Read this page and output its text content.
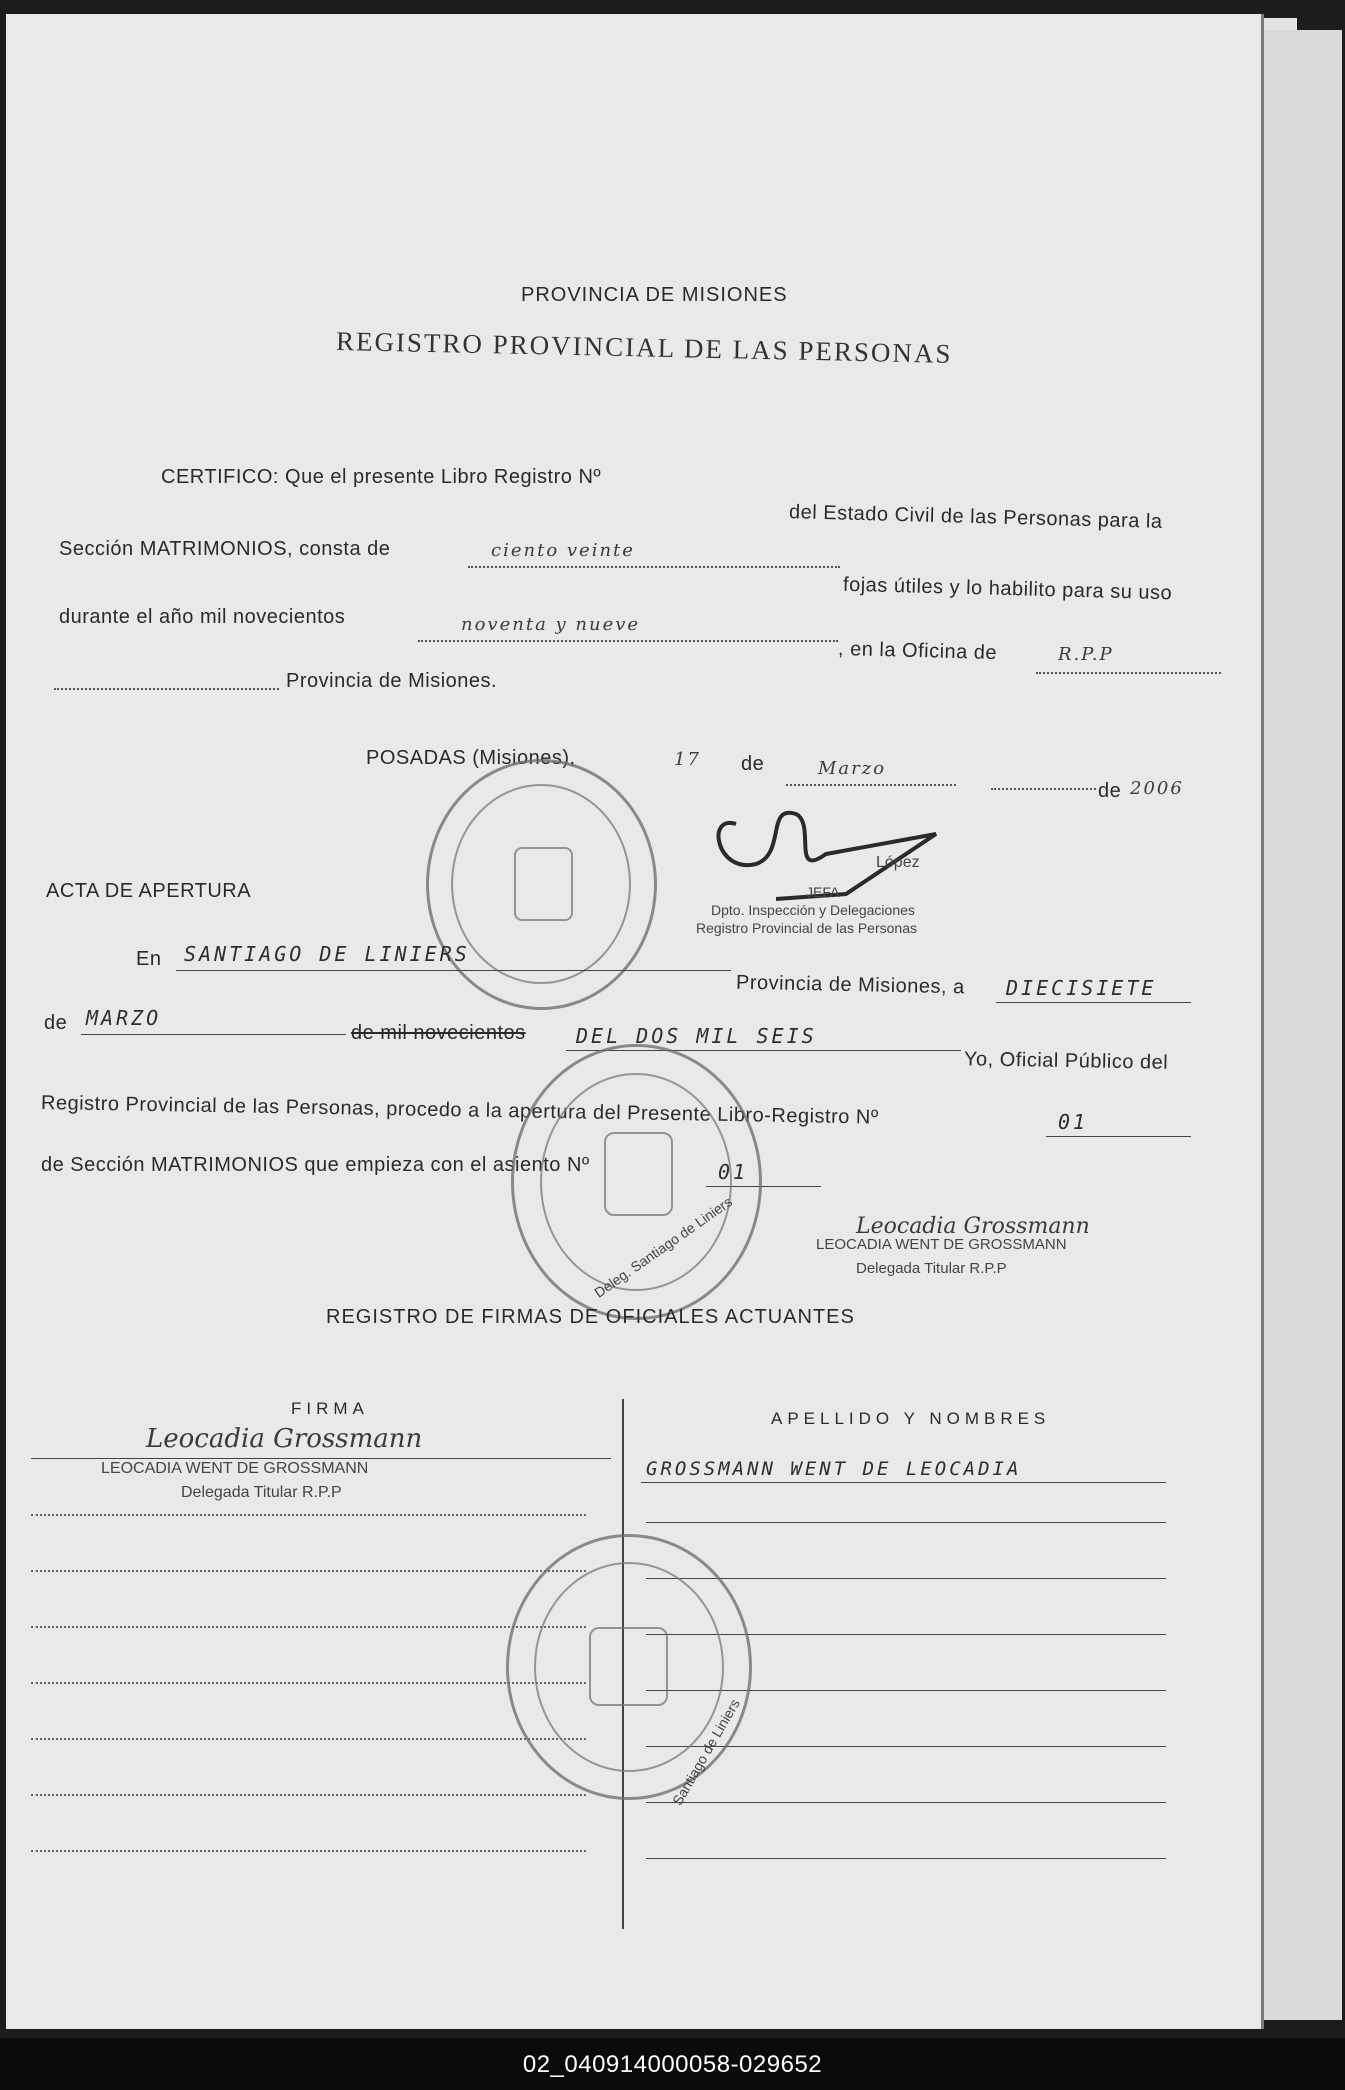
PROVINCIA DE MISIONES
REGISTRO PROVINCIAL DE LAS PERSONAS
CERTIFICO: Que el presente Libro Registro Nº
del Estado Civil de las Personas para la
Sección MATRIMONIOS, consta de	ciento veinte
fojas útiles y lo habilito para su uso
durante el año mil novecientos	noventa y nueve
, en la Oficina de	R.P.P
Provincia de Misiones.
POSADAS (Misiones),	17 de	Marzo
de 2006
López
JEFA
Dpto. Inspección y Delegaciones
Registro Provincial de las Personas
ACTA DE APERTURA
En SANTIAGO DE LINIERS
Provincia de Misiones, a DIECISIETE
de MARZO
de mil novecientos	DEL DOS MIL SEIS
Yo, Oficial Público del
Registro Provincial de las Personas, procedo a la apertura del Presente Libro-Registro Nº	01
de Sección MATRIMONIOS que empieza con el asiento Nº	01
Deleg. Santiago de Liniers	Leocadia Grossmann
LEOCADIA WENT DE GROSSMANN
Delegada Titular R.P.P
REGISTRO DE FIRMAS DE OFICIALES ACTUANTES
FIRMA
APELLIDO Y NOMBRES
Leocadia Grossmann
LEOCADIA WENT DE GROSSMANN
Delegada Titular R.P.P
GROSSMANN WENT DE LEOCADIA
Santiago de Liniers
02_040914000058-029652
